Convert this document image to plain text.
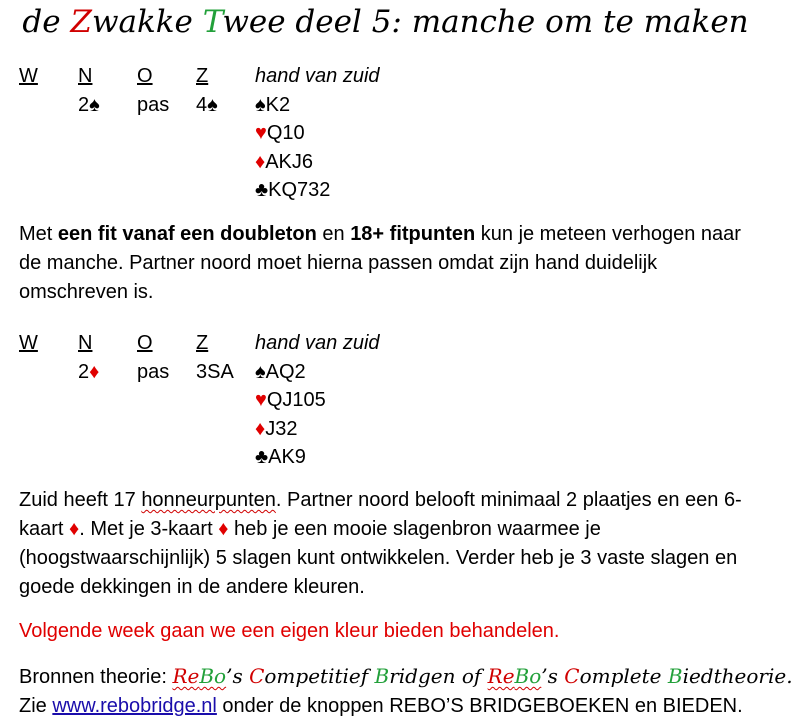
de Zwakke Twee deel 5: manche om te maken
W N O Z hand van zuid
2♠ pas 4♠ ♠K2
♥Q10
♦AKJ6
♣KQ732
Met een fit vanaf een doubleton en 18+ fitpunten kun je meteen verhogen naar de manche. Partner noord moet hierna passen omdat zijn hand duidelijk omschreven is.
W N O Z hand van zuid
2♦ pas 3SA ♠AQ2
♥QJ105
♦J32
♣AK9
Zuid heeft 17 honneurpunten. Partner noord belooft minimaal 2 plaatjes en een 6-kaart ♦. Met je 3-kaart ♦ heb je een mooie slagenbron waarmee je (hoogstwaarschijnlijk) 5 slagen kunt ontwikkelen. Verder heb je 3 vaste slagen en goede dekkingen in de andere kleuren.
Volgende week gaan we een eigen kleur bieden behandelen.
Bronnen theorie: ReBo’s Competitief Bridgen of ReBo’s Complete Biedtheorie.
Zie www.rebobridge.nl onder de knoppen REBO’S BRIDGEBOEKEN en BIEDEN.
